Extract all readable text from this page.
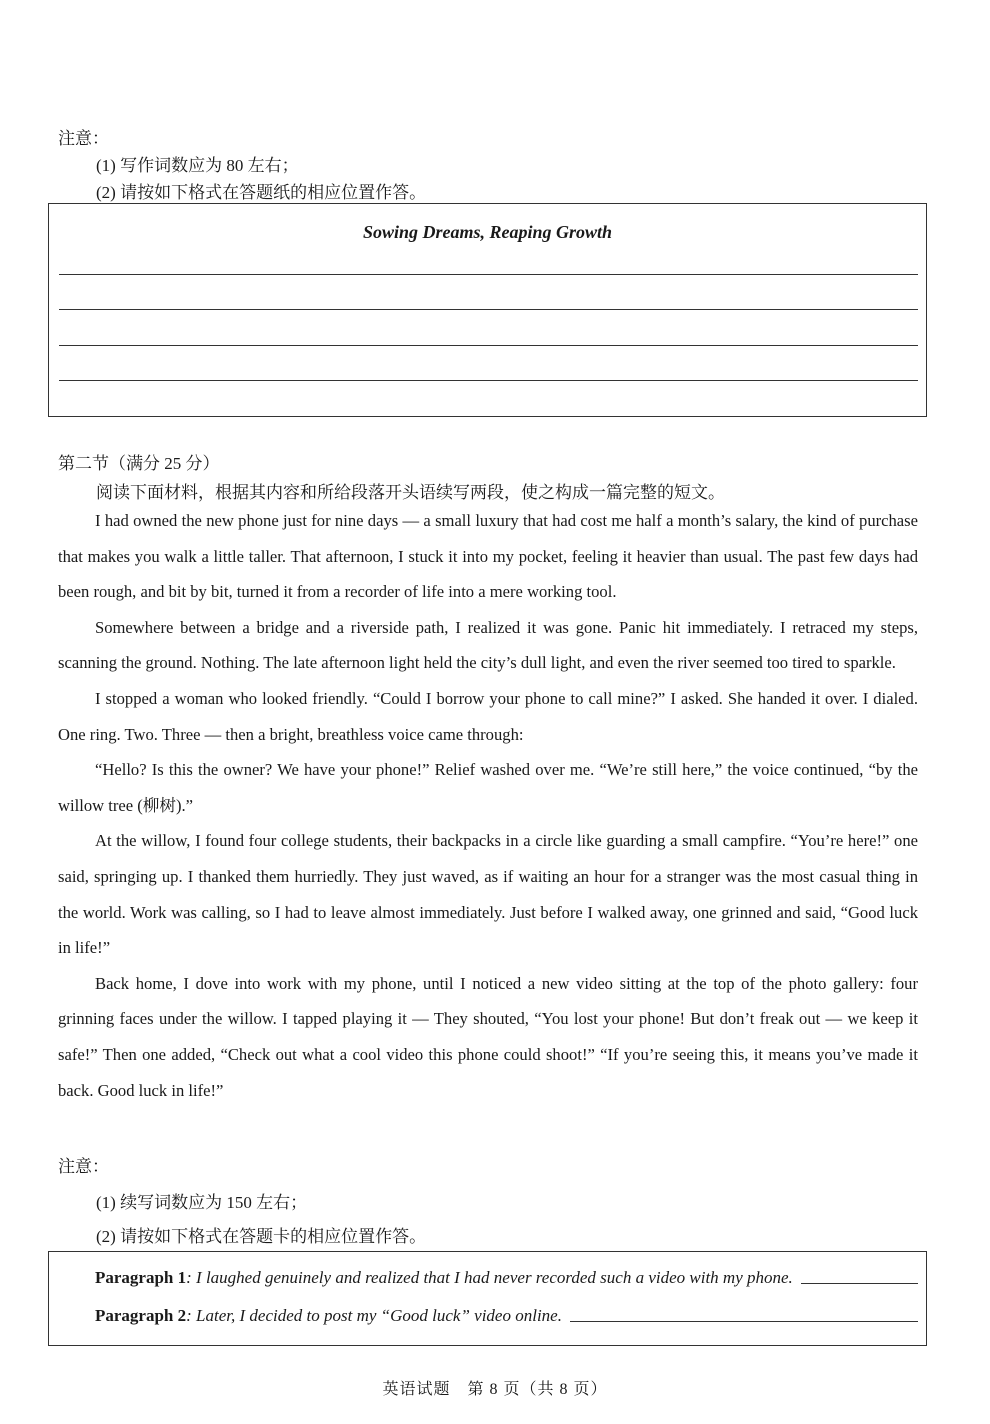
注意：
(1) 写作词数应为 80 左右；
(2) 请按如下格式在答题纸的相应位置作答。
Sowing Dreams, Reaping Growth
第二节（满分 25 分）
阅读下面材料，根据其内容和所给段落开头语续写两段，使之构成一篇完整的短文。

I had owned the new phone just for nine days — a small luxury that had cost me half a month’s salary, the kind of purchase that makes you walk a little taller. That afternoon, I stuck it into my pocket, feeling it heavier than usual. The past few days had been rough, and bit by bit, turned it from a recorder of life into a mere working tool.

Somewhere between a bridge and a riverside path, I realized it was gone. Panic hit immediately. I retraced my steps, scanning the ground. Nothing. The late afternoon light held the city’s dull light, and even the river seemed too tired to sparkle.

I stopped a woman who looked friendly. “Could I borrow your phone to call mine?” I asked. She handed it over. I dialed. One ring. Two. Three — then a bright, breathless voice came through:

“Hello? Is this the owner? We have your phone!” Relief washed over me. “We’re still here,” the voice continued, “by the willow tree (柳树).”

At the willow, I found four college students, their backpacks in a circle like guarding a small campfire. “You’re here!” one said, springing up. I thanked them hurriedly. They just waved, as if waiting an hour for a stranger was the most casual thing in the world. Work was calling, so I had to leave almost immediately. Just before I walked away, one grinned and said, “Good luck in life!”

Back home, I dove into work with my phone, until I noticed a new video sitting at the top of the photo gallery: four grinning faces under the willow. I tapped playing it — They shouted, “You lost your phone! But don’t freak out — we keep it safe!” Then one added, “Check out what a cool video this phone could shoot!” “If you’re seeing this, it means you’ve made it back. Good luck in life!”

注意：
(1) 续写词数应为 150 左右；
(2) 请按如下格式在答题卡的相应位置作答。
Paragraph 1 : I laughed genuinely and realized that I had never recorded such a video with my phone.
Paragraph 2 : Later, I decided to post my “Good luck” video online.
英语试题　第 8 页（共 8 页）
